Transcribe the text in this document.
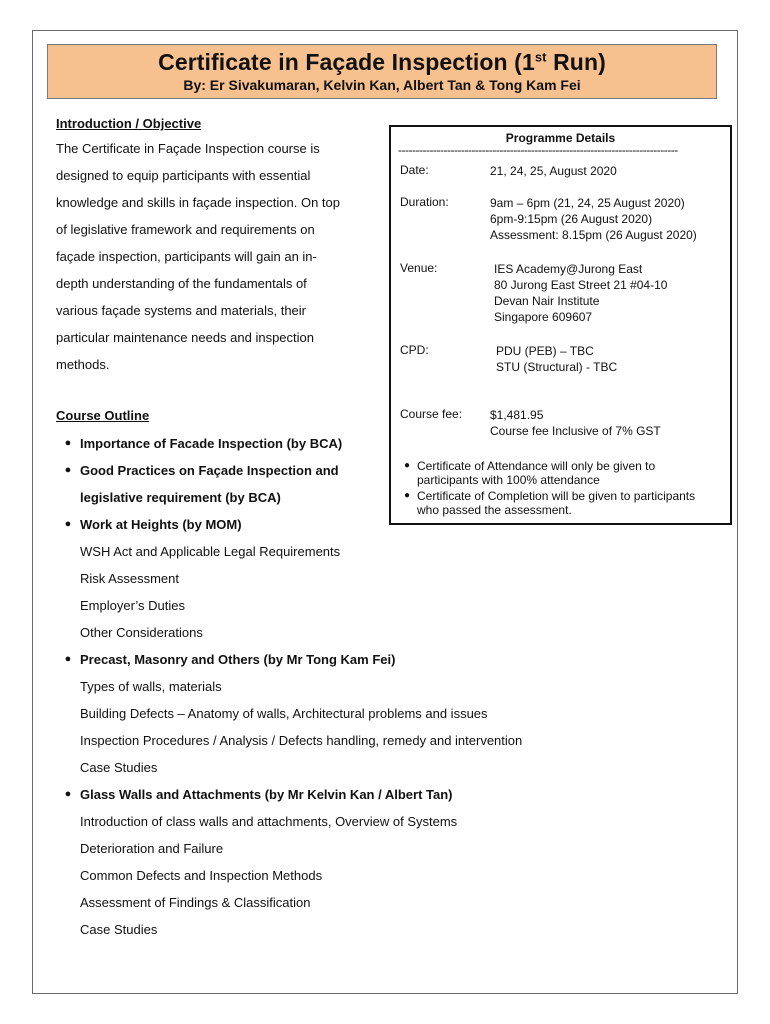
Certificate in Façade Inspection (1st Run)
By: Er Sivakumaran, Kelvin Kan, Albert Tan & Tong Kam Fei
Introduction / Objective

The Certificate in Façade Inspection course is
designed to equip participants with essential
knowledge and skills in façade inspection. On top
of legislative framework and requirements on
façade inspection, participants will gain an in-
depth understanding of the fundamentals of
various façade systems and materials, their
particular maintenance needs and inspection
methods.

Course Outline
● Importance of Facade Inspection (by BCA)
● Good Practices on Façade Inspection and
legislative requirement (by BCA)
● Work at Heights (by MOM)
WSH Act and Applicable Legal Requirements
Risk Assessment
Employer’s Duties
Other Considerations
● Precast, Masonry and Others (by Mr Tong Kam Fei)
Types of walls, materials
Building Defects – Anatomy of walls, Architectural problems and issues
Inspection Procedures / Analysis / Defects handling, remedy and intervention
Case Studies
● Glass Walls and Attachments (by Mr Kelvin Kan / Albert Tan)
Introduction of class walls and attachments, Overview of Systems
Deterioration and Failure
Common Defects and Inspection Methods
Assessment of Findings & Classification
Case Studies
Programme Details
--------------------------------------------------------------------------------
Date:	21, 24, 25, August 2020
Duration:	9am – 6pm (21, 24, 25 August 2020)
6pm-9:15pm (26 August 2020)
Assessment: 8.15pm (26 August 2020)
Venue:	IES Academy@Jurong East
80 Jurong East Street 21 #04-10
Devan Nair Institute
Singapore 609607
CPD:	PDU (PEB) – TBC
STU (Structural) - TBC
Course fee:	$1,481.95
Course fee Inclusive of 7% GST
● Certificate of Attendance will only be given to
participants with 100% attendance
● Certificate of Completion will be given to participants
who passed the assessment.
